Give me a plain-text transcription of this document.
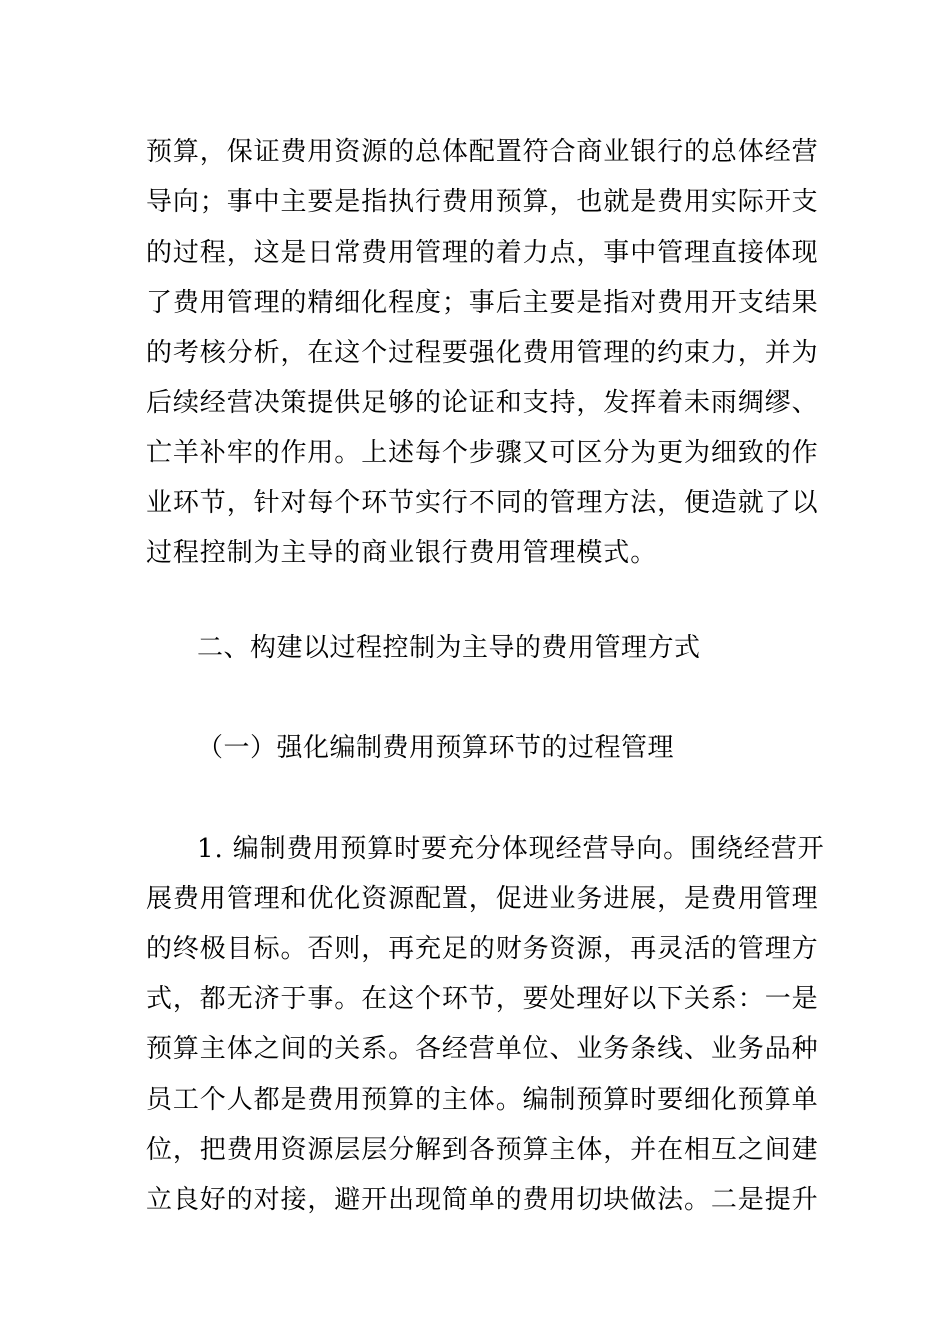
预算，保证费用资源的总体配置符合商业银行的总体经营
导向；事中主要是指执行费用预算，也就是费用实际开支
的过程，这是日常费用管理的着力点，事中管理直接体现
了费用管理的精细化程度；事后主要是指对费用开支结果
的考核分析，在这个过程要强化费用管理的约束力，并为
后续经营决策提供足够的论证和支持，发挥着未雨绸缪、
亡羊补牢的作用。上述每个步骤又可区分为更为细致的作
业环节，针对每个环节实行不同的管理方法，便造就了以
过程控制为主导的商业银行费用管理模式。
二、构建以过程控制为主导的费用管理方式
（一）强化编制费用预算环节的过程管理
1. 编制费用预算时要充分体现经营导向。围绕经营开
展费用管理和优化资源配置，促进业务进展，是费用管理
的终极目标。否则，再充足的财务资源，再灵活的管理方
式，都无济于事。在这个环节，要处理好以下关系：一是
预算主体之间的关系。各经营单位、业务条线、业务品种
员工个人都是费用预算的主体。编制预算时要细化预算单
位，把费用资源层层分解到各预算主体，并在相互之间建
立良好的对接，避开出现简单的费用切块做法。二是提升
